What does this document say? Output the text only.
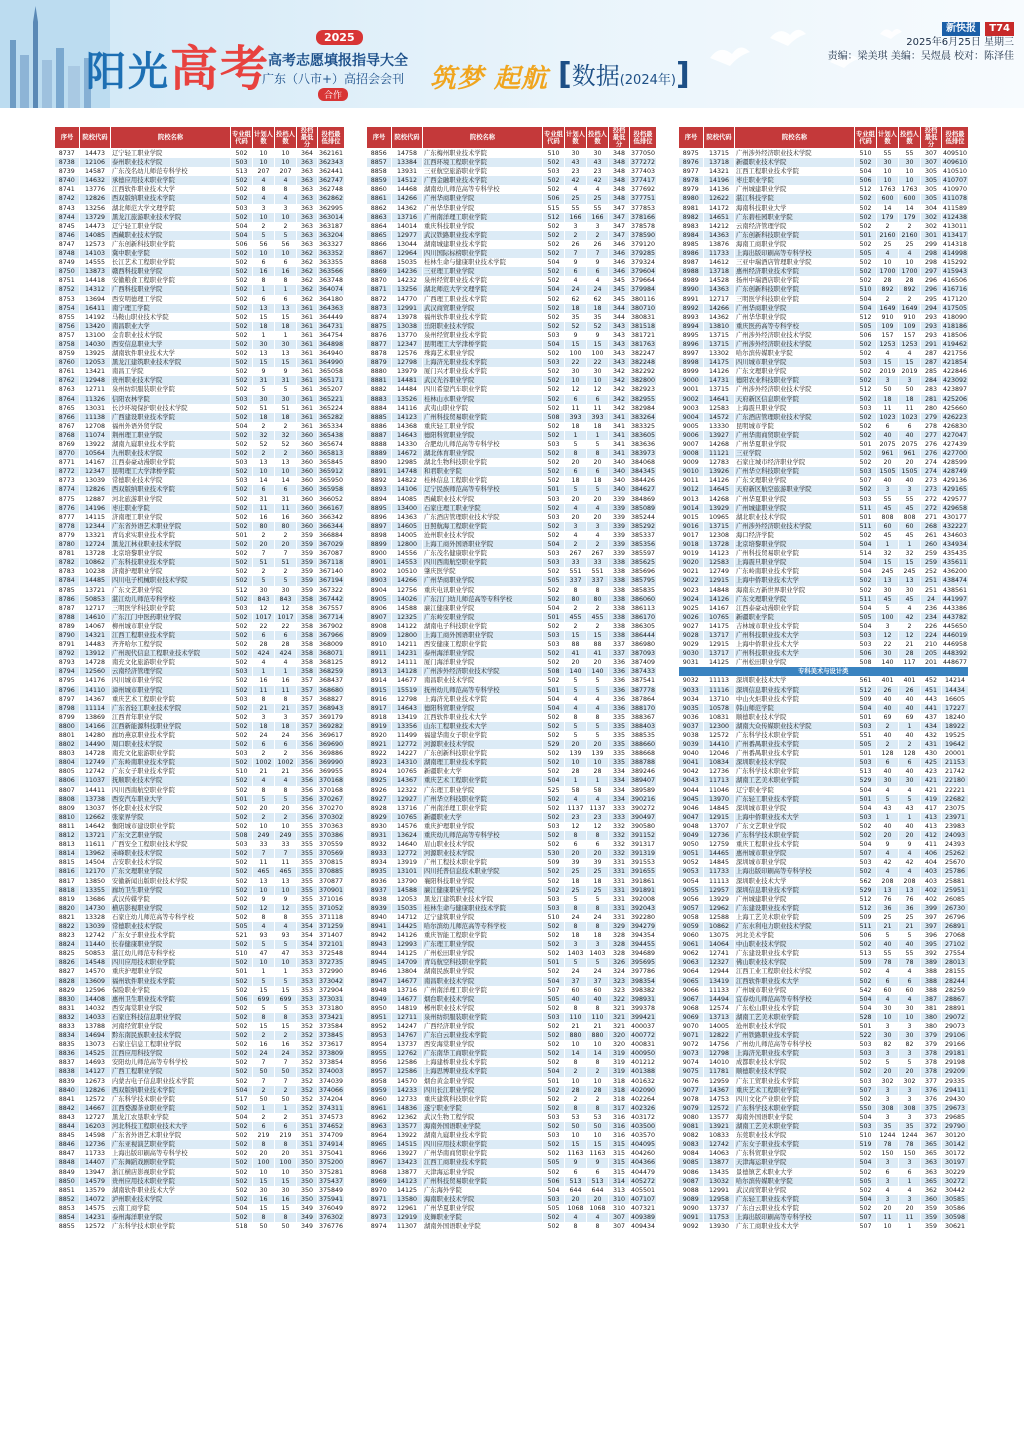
阳光高考
2025
高考志愿填报指导大全
广东（八市+）高招会会刊
合作
筑梦 起航 [数据(2024年)]
新快报 T74
2025年6月25日 星期三
责编：梁美琪 美编：吴煜晨 校对：陈泽佳
序号	院校代码	院校名称	专业组代码	计划人数	投档人数	投档最低分	投档最低排位
8737	14473	辽宁轻工职业学院	502	10	10	364	362161
8738	12106	泰州职业技术学院	503	10	10	363	362343
8739	14587	广东茂名幼儿师范专科学校	513	207	207	363	362441
8740	14632	承德应用技术职业学院	502	4	4	363	362747
8741	13776	江西软件职业技术大学	502	8	8	363	362748
8742	12826	西双版纳职业技术学院	502	4	4	363	362862
8743	13256	湖北师范大学文理学院	503	3	3	363	362995
8744	13729	黑龙江旅游职业技术学院	502	10	10	363	363014
8745	14473	辽宁轻工职业学院	504	2	2	363	363187
8746	14085	西藏职业技术学院	504	5	5	363	363204
8747	12573	广东创新科技职业学院	506	56	56	363	363327
8748	14103	冀中职业学院	502	10	10	362	363352
8749	14555	长江艺术工程职业学院	502	6	6	362	363355
8750	13873	赣西科技职业学院	502	16	16	362	363566
8751	14418	安徽粮食工程职业学院	502	8	8	362	363748
8752	14312	广西科技职业学院	502	1	1	362	364074
8753	13694	西安明德理工学院	502	6	6	362	364180
8754	16411	南宁理工学院	502	13	13	361	364363
8755	14192	马鞍山职业技术学院	502	15	15	361	364449
8756	13420	南昌职业大学	502	18	18	361	364731
8757	13100	金肯职业技术学院	502	1	1	361	364754
8758	14030	西安信息职业大学	502	30	30	361	364898
8759	13925	湖南软件职业技术大学	502	13	13	361	364940
8760	12053	黑龙江建筑职业技术学院	502	15	15	361	364990
8761	13421	南昌工学院	502	9	9	361	365058
8762	12948	贵州职业技术学院	502	31	31	361	365171
8763	12711	泉州纺织服装职业学院	502	5	5	361	365207
8764	11326	信阳农林学院	503	30	30	361	365221
8765	13031	长沙环境保护职业技术学院	502	51	51	361	365224
8766	11138	广西建设职业技术学院	502	18	18	361	365282
8767	12708	福州外语外贸学院	504	2	2	361	365334
8768	11074	荆州理工职业学院	502	32	32	360	365438
8769	13922	湖南九嶷职业技术学院	502	52	52	360	365674
8770	10564	九州职业技术学院	502	2	2	360	365813
8771	14167	江西泰豪动漫职业学院	503	13	13	360	365845
8772	12347	昆明理工大学津桥学院	502	10	10	360	365912
8773	13039	常德职业技术学院	503	14	14	360	365950
8774	12826	西双版纳职业技术学院	502	6	6	360	365958
8775	12887	河北旅游职业学院	502	31	31	360	366052
8776	14196	枣庄职业学院	502	11	11	360	366167
8777	14115	济南理工职业学院	502	16	16	360	366342
8778	12344	广东省外语艺术职业学院	502	80	80	360	366344
8779	13321	青岛求实职业技术学院	501	2	2	359	366884
8780	12724	黑龙江林业职业技术学院	502	20	20	359	367029
8781	13728	北京培黎职业学院	502	7	7	359	367087
8782	10862	广东科技职业技术学院	502	51	51	359	367118
8783	10238	济南护理职业学院	502	2	2	359	367140
8784	14485	四川电子机械职业技术学院	502	5	5	359	367194
8785	13721	广东文艺职业学院	512	30	30	359	367322
8786	50853	湛江幼儿师范专科学校	502	843	843	358	367442
8787	12717	三明医学科技职业学院	503	12	12	358	367557
8788	14610	广东江门中医药职业学院	502	1017	1017	358	367714
8789	14067	柳州城市职业学院	502	22	22	358	367902
8790	14321	江西工程职业技术学院	502	6	6	358	367966
8791	14483	齐齐哈尔工程学院	502	28	28	358	368009
8792	13912	广州现代信息工程职业技术学院	502	424	424	358	368071
8793	14728	南充文化旅游职业学院	502	4	4	358	368125
8794	12560	云南经济管理学院	503	1	1	358	368259
8795	14176	四川城市职业学院	502	16	16	357	368437
8796	14110	漳州城市职业学院	502	11	11	357	368680
8797	14367	重庆艺术工程职业学院	503	8	8	357	368827
8798	11114	广东省轻工职业技术学院	502	21	21	357	368943
8799	13869	江西青年职业学院	502	3	3	357	369179
8800	14166	江西新能源科技职业学院	502	18	18	357	369282
8801	14280	廊坊燕京职业技术学院	502	24	24	356	369617
8802	14490	周口职业技术学院	502	6	6	356	369690
8803	14728	南充文化旅游职业学院	503	2	2	356	369886
8804	12749	广东岭南职业技术学院	502	1002	1002	356	369990
8805	12742	广东女子职业技术学院	510	21	21	356	369955
8806	11037	抚顺职业技术学院	502	4	4	356	370168
8807	14411	四川西南航空职业学院	502	8	8	356	370168
8808	13738	西安汽车职业大学	501	5	5	356	370267
8809	13037	怀化职业技术学院	502	20	20	356	370270
8810	12662	张家界学院	502	2	2	356	370302
8811	14642	衡阳城市建设职业学院	502	10	10	355	370363
8812	13721	广东文艺职业学院	508	249	249	355	370386
8813	11611	广西安全工程职业技术学院	503	33	33	355	370559
8814	13962	赤峰职业技术学院	502	7	7	355	370569
8815	14504	吉安职业技术学院	502	11	11	355	370815
8816	12170	广东文理职业学院	502	465	465	355	370885
8817	13850	安徽新闻出版职业技术学院	502	13	13	355	370877
8818	13355	廊坊卫生职业学院	502	10	10	355	370901
8819	13686	武汉传媒学院	502	9	9	355	371016
8820	14730	横店影视职业学院	502	12	12	355	371052
8821	13328	石家庄幼儿师范高等专科学校	502	8	8	355	371118
8822	13039	常德职业技术学院	505	4	4	354	371259
8823	12742	广东女子职业技术学院	521	93	93	354	371407
8824	11440	长春健康职业学院	502	5	5	354	372101
8825	50853	湛江幼儿师范专科学校	510	47	47	353	372548
8826	14548	四川应用技术职业学院	502	10	10	353	372735
8827	14570	重庆护理职业学院	501	1	1	353	372990
8828	13609	福州软件职业技术学院	502	5	5	353	373042
8829	12596	保险职业学院	502	15	15	353	372904
8830	14408	惠州卫生职业技术学院	506	699	699	353	373031
8831	14032	西安海棠职业学院	502	5	5	353	373180
8832	14033	石家庄科技信息职业学院	502	8	8	353	373421
8833	13788	河南经贸职业学院	502	15	15	352	373584
8834	14694	黔东南民族职业技术学院	502	2	2	352	373845
8835	13073	石家庄信息工程职业学院	502	16	16	352	373617
8836	14525	江西应用科技学院	502	24	24	352	373809
8837	14693	安阳幼儿师范高等专科学校	502	7	7	352	373854
8838	14127	广西工程职业学院	502	50	50	352	374003
8839	12673	内蒙古电子信息职业技术学院	502	7	7	352	374039
8840	12826	西双版纳职业技术学院	504	2	2	352	374066
8841	12572	广东科学技术职业学院	517	50	50	352	374204
8842	14667	江西婺源茶业职业学院	502	1	1	352	374311
8843	12727	黑龙江农垦职业学院	504	2	2	351	374573
8844	16203	河北科技工程职业技术大学	502	6	6	351	374652
8845	14598	广东省外语艺术职业学院	502	219	219	351	374709
8846	12736	广东亚视演艺职业学院	502	8	8	351	374914
8847	11733	上海出版印刷高等专科学校	502	20	20	351	375041
8848	14407	广东舞蹈戏剧职业学院	502	100	100	350	375200
8849	13947	浙江横店影视职业学院	502	10	10	350	375281
8850	14579	贵州应用技术职业学院	502	15	15	350	375437
8851	13579	湖南软件职业技术大学	502	30	30	350	375849
8852	14072	泸州职业技术学院	502	16	16	350	375941
8853	14575	云南工商学院	504	15	15	349	376049
8854	14231	泰州海洋职业学院	502	8	8	349	376302
8855	12572	广东科学技术职业学院	518	50	50	349	376776
序号	院校代码	院校名称	专业组代码	计划人数	投档人数	投档最低分	投档最低排位
8856	14758	广东梅州职业技术学院	510	30	30	348	377050
8857	13384	江西环境工程职业学院	502	43	43	348	377272
8858	13931	三亚航空旅游职业学院	503	23	23	348	377403
8859	14512	广西金融职业技术学院	502	42	42	348	377417
8860	14468	湖南幼儿师范高等专科学校	502	4	4	348	377692
8861	14266	广州华商职业学院	506	25	25	348	377751
8862	14362	广州华华职业学院	515	55	55	347	377853
8863	13716	广州南洋理工职业学院	512	166	166	347	378166
8864	14014	重庆科技职业学院	502	3	3	347	378578
8865	12977	武汉铁路职业技术学院	502	2	2	347	378590
8866	13044	湖南城建职业技术学院	502	26	26	346	379120
8867	12964	四川国际标榜职业学院	502	7	7	346	379285
8868	15035	桂林生命与健康职业技术学院	504	9	9	346	379324
8869	14236	三亚理工职业学院	502	6	6	346	379604
8870	14232	泉州经贸职业技术学院	502	4	4	345	379664
8871	13256	湖北师范大学文理学院	504	24	24	345	379984
8872	14770	广西理工职业技术学院	502	62	62	345	380116
8873	12991	武汉商贸职业学院	502	18	18	344	380710
8874	13978	福州软件职业技术学院	502	35	35	344	380831
8875	13038	岳阳职业技术学院	502	52	52	343	381518
8876	13770	泉州经贸职业技术学院	503	9	9	343	381721
8877	12347	昆明理工大学津桥学院	504	15	15	343	381763
8878	12576	珠海艺术职业学院	502	100	100	343	382247
8879	12798	上海济光职业技术学院	503	22	22	343	382248
8880	13979	厦门兴才职业技术学院	502	30	30	342	382292
8881	14481	武汉光谷职业学院	502	10	10	342	382800
8882	14484	四川希望汽车职业学院	502	12	12	342	382923
8883	13526	桂林山水职业学院	502	6	6	342	382955
8884	14116	武夷山职业学院	502	11	11	342	382984
8885	14123	广州科技贸易职业学院	508	393	393	341	383264
8886	14368	重庆轻工职业学院	502	18	18	341	383325
8887	14643	德阳科贸职业学院	502	1	1	341	383605
8888	14330	合肥幼儿师范高等专科学校	503	5	5	341	383636
8889	14672	湖北体育职业学院	502	8	8	341	383973
8890	12985	湖北生物科技职业学院	502	20	20	340	384068
8891	14748	和君职业学院	502	6	6	340	384345
8892	14822	桂林信息工程职业学院	502	18	18	340	384426
8893	14106	辽宁民族师范高等专科学校	501	5	5	340	384627
8894	14085	西藏职业技术学院	503	20	20	339	384869
8895	13400	石家庄理工职业学院	502	4	4	339	385089
8896	14363	广东酒店管理职业技术学院	503	20	20	339	385244
8897	14605	日照航海工程职业学院	502	3	3	339	385292
8898	14005	沧州职业技术学院	502	4	4	339	385337
8899	12800	上海工商外国语职业学院	504	2	2	339	385356
8900	14556	广东茂名健康职业学院	503	267	267	339	385597
8901	14553	四川西南航空职业学院	503	33	33	338	385625
8902	10510	肇庆医学院	502	551	551	338	385696
8903	14266	广州华商职业学院	505	337	337	338	385795
8904	12756	重庆电讯职业学院	502	8	8	338	385835
8905	14026	广东江门幼儿师范高等专科学校	502	80	80	338	386060
8906	14588	廉江健康职业学院	504	2	2	338	386113
8907	12325	广东岭安职业学院	501	455	455	338	386170
8908	14122	湖南电子科技职业学院	502	2	2	338	386305
8909	12800	上海工商外国语职业学院	503	15	15	338	386444
8910	14211	西安健康工程职业学院	503	88	88	337	386980
8911	14231	泰州海洋职业学院	502	41	41	337	387093
8912	14111	厦门海洋职业学院	502	20	20	336	387409
8913	14128	广州涉外经济职业技术学院	508	140	140	336	387433
8914	14677	南昌职业技术学院	502	5	5	336	387541
8915	15519	抚州幼儿师范高等专科学校	501	5	5	336	387778
8916	12798	上海济光职业技术学院	504	4	4	336	387864
8917	14643	德阳科贸职业学院	504	4	4	336	388170
8918	13419	江西软件职业技术大学	502	8	8	335	388367
8919	13356	山东工程职业技术大学	502	5	5	335	388403
8920	11499	福建华南女子职业学院	502	5	5	335	388535
8921	12772	河源职业技术学院	529	20	20	335	388660
8922	14227	广东创新科技职业学院	502	139	139	335	388668
8923	14310	湖南理工职业技术学院	502	10	10	335	388788
8924	10765	新疆职业大学	502	28	28	334	389246
8925	14367	重庆艺术工程职业学院	504	1	1	334	389407
8926	12322	广东理工职业学院	525	58	58	334	389589
8927	12927	广州华立科技职业学院	502	4	4	334	390216
8928	13716	广州南洋理工职业学院	502	1137	1137	333	390272
8929	10765	新疆职业大学	502	23	23	333	390497
8930	14576	重庆护理职业学院	503	12	12	332	390580
8931	13624	重庆幼儿师范高等专科学校	502	8	8	332	391152
8932	14640	眉山职业技术学院	502	6	6	332	391317
8933	12772	河源职业技术学院	530	20	20	332	391319
8934	13919	广州工程技术职业学院	509	39	39	331	391553
8935	13101	四川托普信息技术职业学院	502	25	25	331	391655
8936	13790	襄阳科技职业学院	502	18	18	331	391861
8937	14588	廉江健康职业学院	502	25	25	331	391891
8938	12053	黑龙江建筑职业技术学院	503	5	5	331	392008
8939	15035	桂林生命与健康职业技术学院	503	8	8	331	392043
8940	14712	辽宁建筑职业学院	510	24	24	331	392280
8941	14425	哈尔滨幼儿师范高等专科学校	502	8	8	329	394279
8942	14126	重庆智能工程职业学院	502	18	18	328	394354
8943	12993	广东理工职业学院	502	3	3	328	394455
8944	14125	广州松田职业学院	502	1403	1403	328	394689
8945	14709	青岛航空科技职业学院	501	5	5	326	395695
8946	13804	湖南民族职业学院	502	24	24	324	397786
8947	14677	南昌职业技术学院	504	37	37	323	398354
8948	13716	广州南洋理工职业学院	507	60	60	323	398382
8949	14677	烟台职业技术学院	505	40	40	322	398931
8950	14819	郴州职业技术学院	502	8	8	321	399378
8951	12711	泉州纺织服装职业学院	503	110	110	321	399421
8952	14247	广西经济职业学院	502	21	21	321	400037
8953	14767	广东白云职业技术学院	502	880	880	320	400772
8954	13737	西安海棠职业学院	502	10	10	320	400831
8955	12762	广东南华工商职业学院	502	14	14	319	400950
8956	12586	上海建桥职业技术学院	502	8	8	319	401212
8957	12586	上海思博职业技术学院	504	2	2	319	401388
8958	14570	烟台黄金职业学院	501	10	10	318	401632
8959	14233	四川长江职业学院	502	28	28	318	402090
8960	12733	重庆建筑科技职业学院	502	2	2	318	402264
8961	14836	遂宁职业学院	502	8	8	317	402326
8962	12362	武汉生物工程学院	503	53	53	316	403172
8963	13577	海南外国语职业学院	502	50	50	316	403500
8964	13922	湖南九嶷职业技术学院	503	10	10	316	403570
8965	14515	四川应用技术职业学院	502	15	15	315	404095
8966	13927	广州华南商贸职业学院	502	1163	1163	315	404260
8967	13423	江西工商职业技术学院	505	9	9	315	404366
8968	13877	天津海运职业学院	502	6	6	315	404479
8969	14123	广州科技贸易职业学院	506	513	513	314	405272
8970	14125	广东海外学院	504	644	644	313	405501
8971	13580	海南职业技术学院	503	20	20	310	407107
8972	12961	广州华夏职业学院	505	1068	1068	310	407321
8973	12919	皮舞职业学院	502	4	4	307	409389
8974	11307	湖南外国语职业学院	502	8	8	307	409434
序号	院校代码	院校名称	专业组代码	计划人数	投档人数	投档最低分	投档最低排位
8975	13715	广州涉外经济职业技术学院	510	55	55	307	409510
8976	13718	新疆职业技术学院	502	30	30	307	409610
8977	14321	江西工程职业技术学院	504	10	10	305	410510
8978	14196	枣庄职业学院	506	10	10	305	410707
8979	14136	广州城建职业学院	512	1763	1763	305	410970
8980	12622	湛江科技学院	502	600	600	305	411078
8981	14172	海南科技职业大学	502	14	14	304	411589
8982	14651	广东碧桂园职业学院	502	179	179	302	412438
8983	14212	云南经济管理学院	502	2	2	302	413011
8984	14363	广东创新科技职业学院	501	2160	2160	301	413417
8985	13876	海南工商职业学院	502	25	25	299	414318
8986	11733	上海出版印刷高等专科学校	505	4	4	298	414998
8987	14612	三亚中瑞酒店管理职业学院	502	10	10	298	415292
8988	13718	惠州经济职业技术学院	502	1700	1700	297	415943
8989	14528	扬州中瑞酒店职业学院	502	28	28	296	416506
8990	14363	广东创新科技职业学院	510	892	892	296	416716
8991	12717	三明医学科技职业学院	504	2	2	295	417120
8992	14266	广州华商职业学院	504	1649	1649	294	417505
8993	14362	广州华华职业学院	512	910	910	293	418090
8994	13810	重庆医药高等专科学校	505	109	109	293	418186
8995	13715	广州涉外经济职业技术学院	506	157	157	293	418506
8996	13715	广州涉外经济职业技术学院	502	1253	1253	291	419462
8997	13302	哈尔滨传媒职业学院	502	4	4	287	421756
8998	14175	四川城市职业学院	503	15	15	287	421854
8999	14126	广东文理职业学院	502	2019	2019	285	422846
9000	14731	德阳农业科技职业学院	502	3	3	284	423092
9001	13715	广州涉外经济职业技术学院	512	50	50	283	423897
9002	14641	天府新区信息职业学院	502	18	18	281	425206
9003	12583	上海震旦职业学院	503	11	11	280	425660
9004	14572	广东酒店管理职业技术学院	502	1023	1023	279	426223
9005	13330	昆明城市学院	502	6	6	278	426830
9006	13927	广州华南商贸职业学院	502	40	40	277	427047
9007	14268	广州华夏职业学院	501	2075	2075	276	427439
9008	11121	三亚学院	502	961	961	276	427700
9009	12783	石家庄城市经济职业学院	502	20	20	274	428599
9010	13926	广州华立科技职业学院	503	1505	1505	274	428749
9011	14126	广东文理职业学院	507	40	40	273	429136
9012	14645	天府新区航空旅游职业学院	502	3	3	273	429165
9013	14268	广州华夏职业学院	503	55	55	272	429577
9014	13929	广州城建职业学院	511	45	45	272	429658
9015	10965	湖北职业技术学院	501	808	808	271	430177
9016	13715	广州涉外经济职业技术学院	511	60	60	268	432227
9017	12308	海口经济学院	502	45	45	261	434603
9018	13728	北京培黎职业学院	504	1	1	260	434934
9019	14123	广州科技贸易职业学院	514	32	32	259	435435
9020	12583	上海震旦职业学院	504	15	15	259	435611
9021	12749	广东岭南职业技术学院	504	245	245	252	436200
9022	12915	上海中侨职业技术大学	502	13	13	251	438474
9023	14848	海南东方新世界职业学院	502	30	30	251	438561
9024	14126	广东文理职业学院	511	45	45	24	441997
9025	14167	江西泰豪动漫职业学院	504	5	4	236	443386
9026	10765	新疆职业学院	505	100	42	234	443782
9027	14175	吉林城市职业技术学院	504	3	2	226	445650
9028	13717	广州科技职业技术大学	503	12	12	224	446019
9029	12915	上海中侨职业技术大学	503	22	21	210	446958
9030	13717	广州科技职业技术大学	506	30	28	205	448392
9031	14125	广州松田职业学院	508	140	117	201	448677
专科美术与设计类							
9032	11113	深圳职业技术大学	561	401	401	452	14214
9033	11116	深圳信息职业技术学院	512	26	26	451	14434
9034	13710	中山火炬职业技术学院	509	40	40	443	16605
9035	10578	韩山师范学院	504	40	40	441	17227
9036	10831	顺德职业技术学院	501	69	69	437	18240
9037	12300	湖南大众传媒职业技术学院	503	2	1	434	18922
9038	12572	广东科学技术职业学院	551	40	40	432	19525
9039	14410	广州番禺职业技术学院	505	2	2	431	19642
9040	12046	广州番禺职业技术学院	501	128	128	430	20001
9041	10834	深圳职业技术学院	503	6	6	425	21153
9042	12736	广东科学技术职业学院	513	40	40	423	21742
9043	11713	湖南工艺美术职业学院	529	30	30	421	22180
9044	11046	辽宁职业学院	504	4	4	421	22221
9045	13970	广东轻工职业技术学院	501	5	5	419	22682
9046	14845	深圳城市职业学院	504	43	43	417	23075
9047	12915	上海中侨职业技术大学	503	1	1	413	23971
9048	13707	广东文艺职业学院	502	40	40	413	23983
9049	12736	广东科学技术职业学院	502	20	20	412	24093
9050	12759	重庆工程职业技术学院	504	9	9	411	24393
9051	14465	惠州城市职业学院	507	4	4	406	25262
9052	14845	深圳城市职业学院	503	42	42	404	25670
9053	11733	上海出版印刷高等专科学校	502	4	4	403	25786
9054	11113	深圳职业技术大学	562	208	208	403	25881
9055	12957	深圳信息职业技术学院	529	13	13	402	25951
9056	13929	广州城建职业学院	512	76	76	402	26085
9057	12962	广东建设职业技术学院	512	36	36	399	26730
9058	12588	上海工艺美术职业学院	509	25	25	397	26796
9059	10862	广东水利电力职业技术学院	511	21	21	397	26891
9060	13075	河北美术学院	506	5	5	396	27068
9061	14064	中山职业技术学院	502	40	40	395	27102
9062	12741	广东建设职业技术学院	513	55	55	392	27554
9063	12327	佛山职业技术学院	509	78	78	389	28013
9064	12944	江西工业工程职业技术学院	502	4	4	388	28155
9065	13419	江西软件职业技术大学	502	6	6	388	28244
9066	11133	广州城市职业学院	542	60	60	388	28259
9067	14494	宜春幼儿师范高等专科学校	504	4	4	387	28867
9068	12574	广东松山职业技术学院	504	30	30	381	28891
9069	13713	湖南工艺美术职业学院	528	10	10	380	29072
9070	14005	沧州职业技术学院	501	3	3	380	29073
9071	12822	广州铁路职业技术学院	522	30	30	379	29106
9072	14756	广州幼儿师范高等专科学校	503	82	82	379	29166
9073	12798	上海济光职业技术学院	503	3	3	378	29181
9074	14010	成都职业技术学院	502	5	5	378	29198
9075	11781	顺德职业技术学院	502	20	20	378	29209
9076	12959	广东工贸职业技术学院	503	302	302	377	29335
9077	14367	重庆艺术工程职业学院	507	3	3	376	29411
9078	14753	四川文化产业职业学院	502	3	3	376	29430
9079	12572	广东科学技术职业学院	550	308	308	375	29673
9080	13577	海南外国语职业学院	504	3	3	373	29685
9081	13921	湖南工艺美术职业学院	503	35	35	372	29790
9082	10833	东莞职业技术学院	510	1244	1244	367	30120
9083	12742	广东女子职业技术学院	519	78	78	365	30142
9084	14063	广东科贸职业学院	502	150	150	365	30172
9085	13877	天津海运职业学院	504	3	3	363	30197
9086	13435	景德镇艺术职业大学	502	6	6	363	30229
9087	13032	哈尔滨传媒职业学院	505	3	1	365	30272
9088	12991	武汉商贸职业学院	502	4	4	362	30442
9089	12958	广东轻工职业技术学院	504	3	3	360	30585
9090	13737	广东白云职业技术学院	502	20	20	359	30586
9091	11753	上海出版印刷高等专科学校	507	11	11	359	30598
9092	13930	广东工商职业技术大学	507	10	1	359	30621
